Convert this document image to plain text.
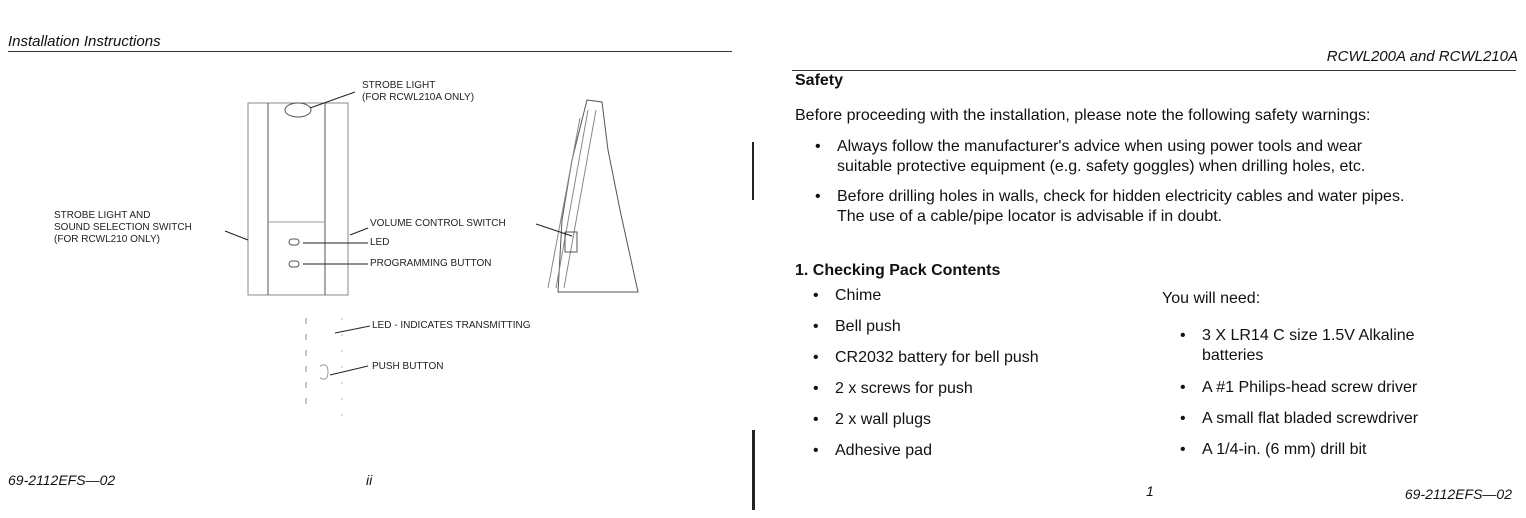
Installation Instructions
STROBE LIGHT
(FOR RCWL210A ONLY)
STROBE LIGHT AND
SOUND SELECTION SWITCH
(FOR RCWL210 ONLY)
VOLUME CONTROL SWITCH
LED
PROGRAMMING BUTTON
LED - INDICATES TRANSMITTING
PUSH BUTTON
69-2112EFS—02	ii
RCWL200A and RCWL210A
Safety
Before proceeding with the installation, please note the following safety warnings:
• Always follow the manufacturer's advice when using power tools and wear
suitable protective equipment (e.g. safety goggles) when drilling holes, etc.
• Before drilling holes in walls, check for hidden electricity cables and water pipes.
The use of a cable/pipe locator is advisable if in doubt.
1. Checking Pack Contents
• Chime
• Bell push
• CR2032 battery for bell push
• 2 x screws for push
• 2 x wall plugs
• Adhesive pad
You will need:
• 3 X LR14 C size 1.5V Alkaline
batteries
• A #1 Philips-head screw driver
• A small flat bladed screwdriver
• A 1/4-in. (6 mm) drill bit
1	69-2112EFS—02
